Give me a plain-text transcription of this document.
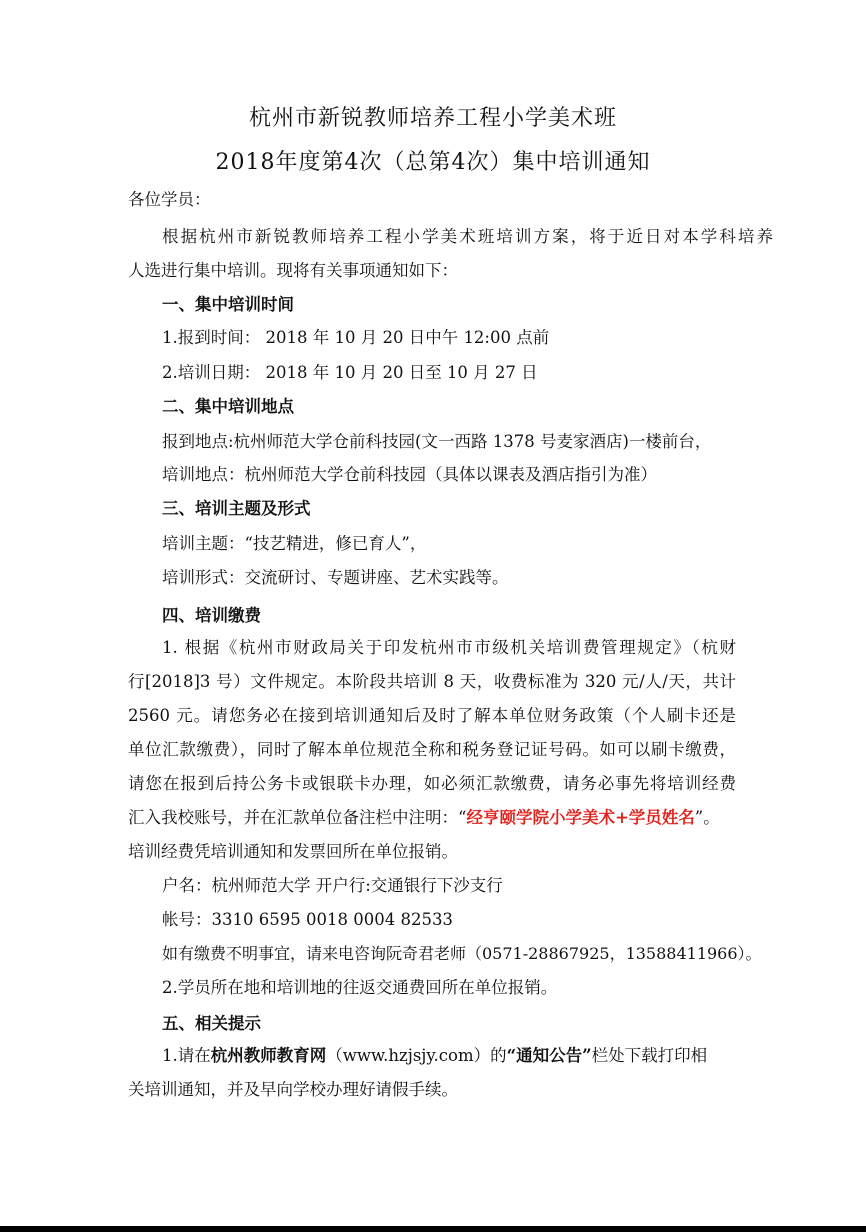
杭州市新锐教师培养工程小学美术班
2018年度第4次（总第4次）集中培训通知
各位学员：
根据杭州市新锐教师培养工程小学美术班培训方案，将于近日对本学科培养
人选进行集中培训。现将有关事项通知如下：
一、集中培训时间
1.报到时间： 2018 年 10 月 20 日中午 12:00 点前
2.培训日期： 2018 年 10 月 20 日至 10 月 27 日
二、集中培训地点
报到地点:杭州师范大学仓前科技园(文一西路 1378 号麦家酒店)一楼前台，
培训地点：杭州师范大学仓前科技园（具体以课表及酒店指引为准）
三、培训主题及形式
培训主题：“技艺精进，修已育人”，
培训形式：交流研讨、专题讲座、艺术实践等。
四、培训缴费
1. 根据《杭州市财政局关于印发杭州市市级机关培训费管理规定》（杭财
行[2018]3 号）文件规定。本阶段共培训 8 天，收费标准为 320 元/人/天，共计
2560 元。请您务必在接到培训通知后及时了解本单位财务政策（个人刷卡还是
单位汇款缴费），同时了解本单位规范全称和税务登记证号码。如可以刷卡缴费，
请您在报到后持公务卡或银联卡办理，如必须汇款缴费，请务必事先将培训经费
汇入我校账号，并在汇款单位备注栏中注明：“经亨颐学院小学美术+学员姓名”。
培训经费凭培训通知和发票回所在单位报销。
户名：杭州师范大学 开户行:交通银行下沙支行
帐号：3310 6595 0018 0004 82533
如有缴费不明事宜，请来电咨询阮奇君老师（0571-28867925，13588411966）。
2.学员所在地和培训地的往返交通费回所在单位报销。
五、相关提示
1.请在杭州教师教育网（www.hzjsjy.com）的“通知公告”栏处下载打印相
关培训通知，并及早向学校办理好请假手续。
